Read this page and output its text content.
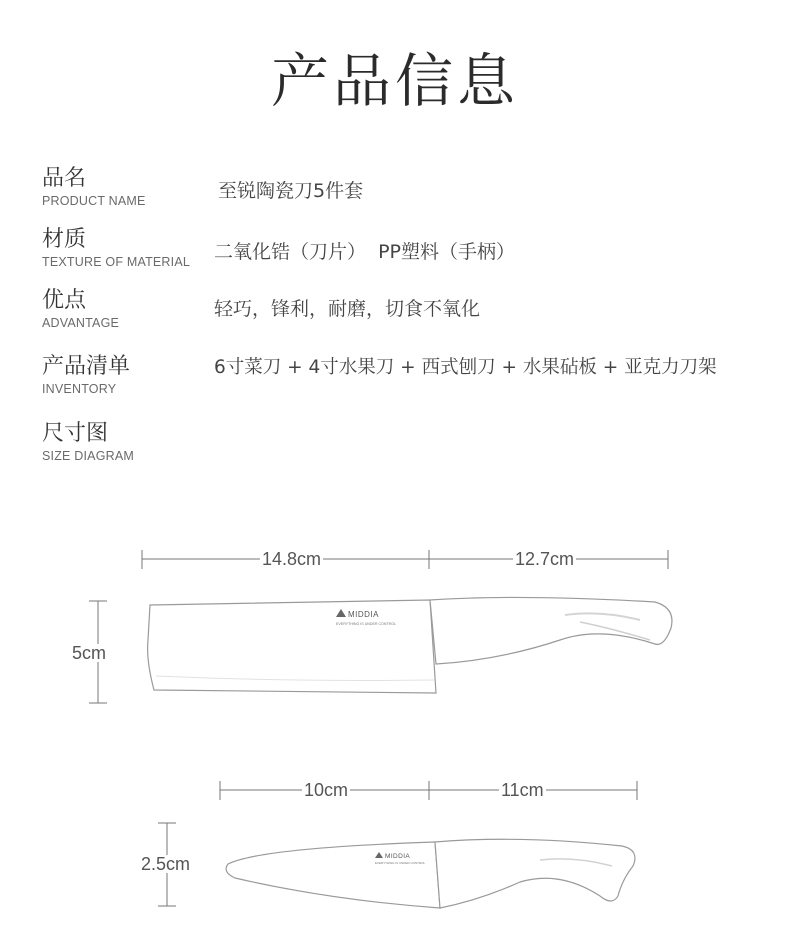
产品信息
品名
PRODUCT NAME	至锐陶瓷刀5件套
材质
TEXTURE OF MATERIAL 二氧化锆（刀片）  PP塑料（手柄）
优点
ADVANTAGE
轻巧，锋利，耐磨，切食不氧化
产品清单
INVENTORY
6寸菜刀 + 4寸水果刀 + 西式刨刀 + 水果砧板 + 亚克力刀架
尺寸图
SIZE DIAGRAM
MIDDIA
EVERYTHING IS UNDER CONTROL
MIDDIA
EVERYTHING IS UNDER CONTROL
14.8cm	12.7cm
5cm
10cm	11cm
2.5cm
